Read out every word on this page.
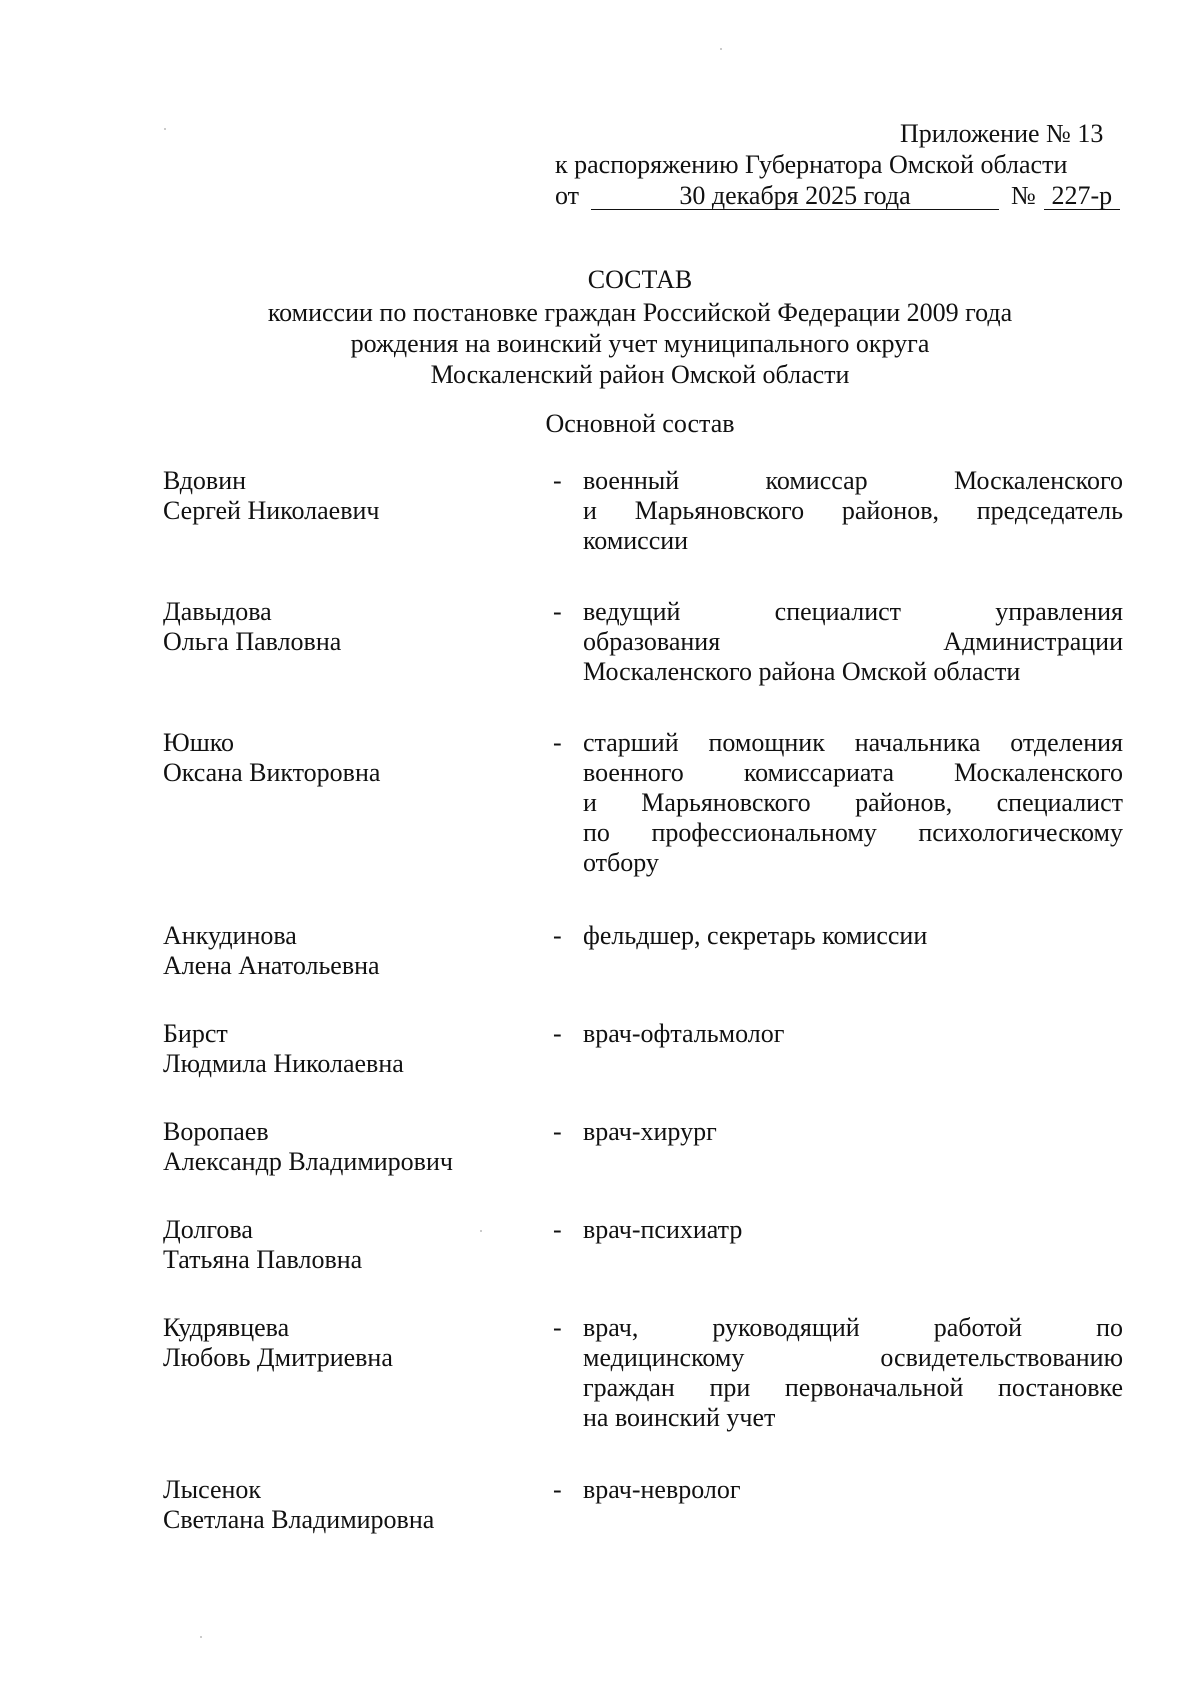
Приложение № 13
к распоряжению Губернатора Омской области
от	30 декабря 2025 года	№ 227-р
СОСТАВ
комиссии по постановке граждан Российской Федерации 2009 года
рождения на воинский учет муниципального округа
Москаленский район Омской области
Основной состав
Вдовин
Сергей Николаевич
- военный комиссар Москаленского

и Марьяновского районов, председатель

комиссии

Давыдова
Ольга Павловна
- ведущий специалист управления

образования Администрации

Москаленского района Омской области

Юшко
Оксана Викторовна
- старший помощник начальника отделения

военного комиссариата Москаленского

и Марьяновского районов, специалист

по профессиональному психологическому

отбору

Анкудинова
Алена Анатольевна
- фельдшер, секретарь комиссии

Бирст
Людмила Николаевна
- врач-офтальмолог

Воропаев
Александр Владимирович
- врач-хирург

Долгова
Татьяна Павловна
- врач-психиатр

Кудрявцева
Любовь Дмитриевна
- врач, руководящий работой по

медицинскому освидетельствованию

граждан при первоначальной постановке

на воинский учет

Лысенок
Светлана Владимировна
- врач-невролог
